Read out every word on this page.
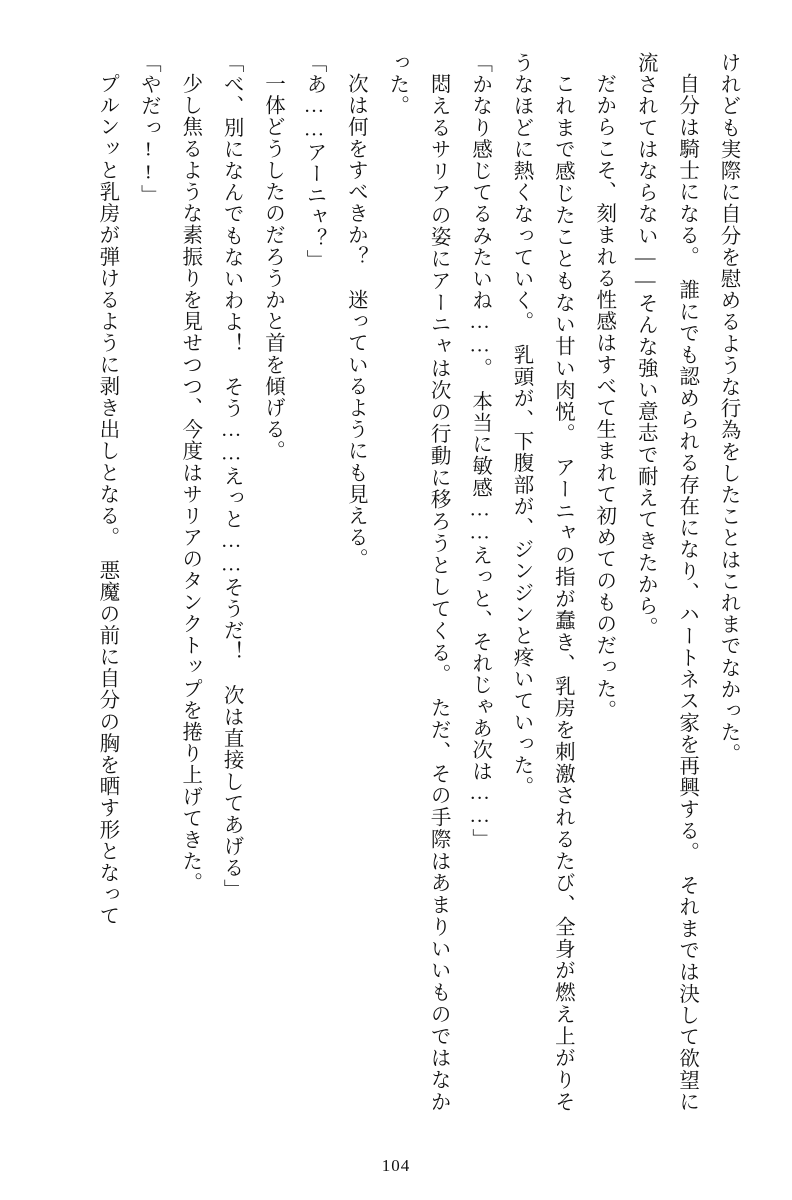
けれども実際に自分を慰めるような行為をしたことはこれまでなかった。

自分は騎士になる。　誰にでも認められる存在になり、ハートネス家を再興する。　それまでは決して欲望に流されてはならない――そんな強い意志で耐えてきたから。

だからこそ、刻まれる性感はすべて生まれて初めてのものだった。

これまで感じたこともない甘い肉悦。　アーニャの指が蠢き、乳房を刺激されるたび、全身が燃え上がりそうなほどに熱くなっていく。　乳頭が、下腹部が、ジンジンと疼いていった。

「かなり感じてるみたいね……。　本当に敏感……えっと、それじゃあ次は……」

悶えるサリアの姿にアーニャは次の行動に移ろうとしてくる。　ただ、その手際はあまりいいものではなかった。

次は何をすべきか？　迷っているようにも見える。

「あ……アーニャ？」

一体どうしたのだろうかと首を傾げる。

「べ、別になんでもないわよ！　そう……えっと……そうだ！　次は直接してあげる」

少し焦るような素振りを見せつつ、今度はサリアのタンクトップを捲り上げてきた。

「やだっ!!」

プルンッと乳房が弾けるように剥き出しとなる。　悪魔の前に自分の胸を晒す形となって

104
